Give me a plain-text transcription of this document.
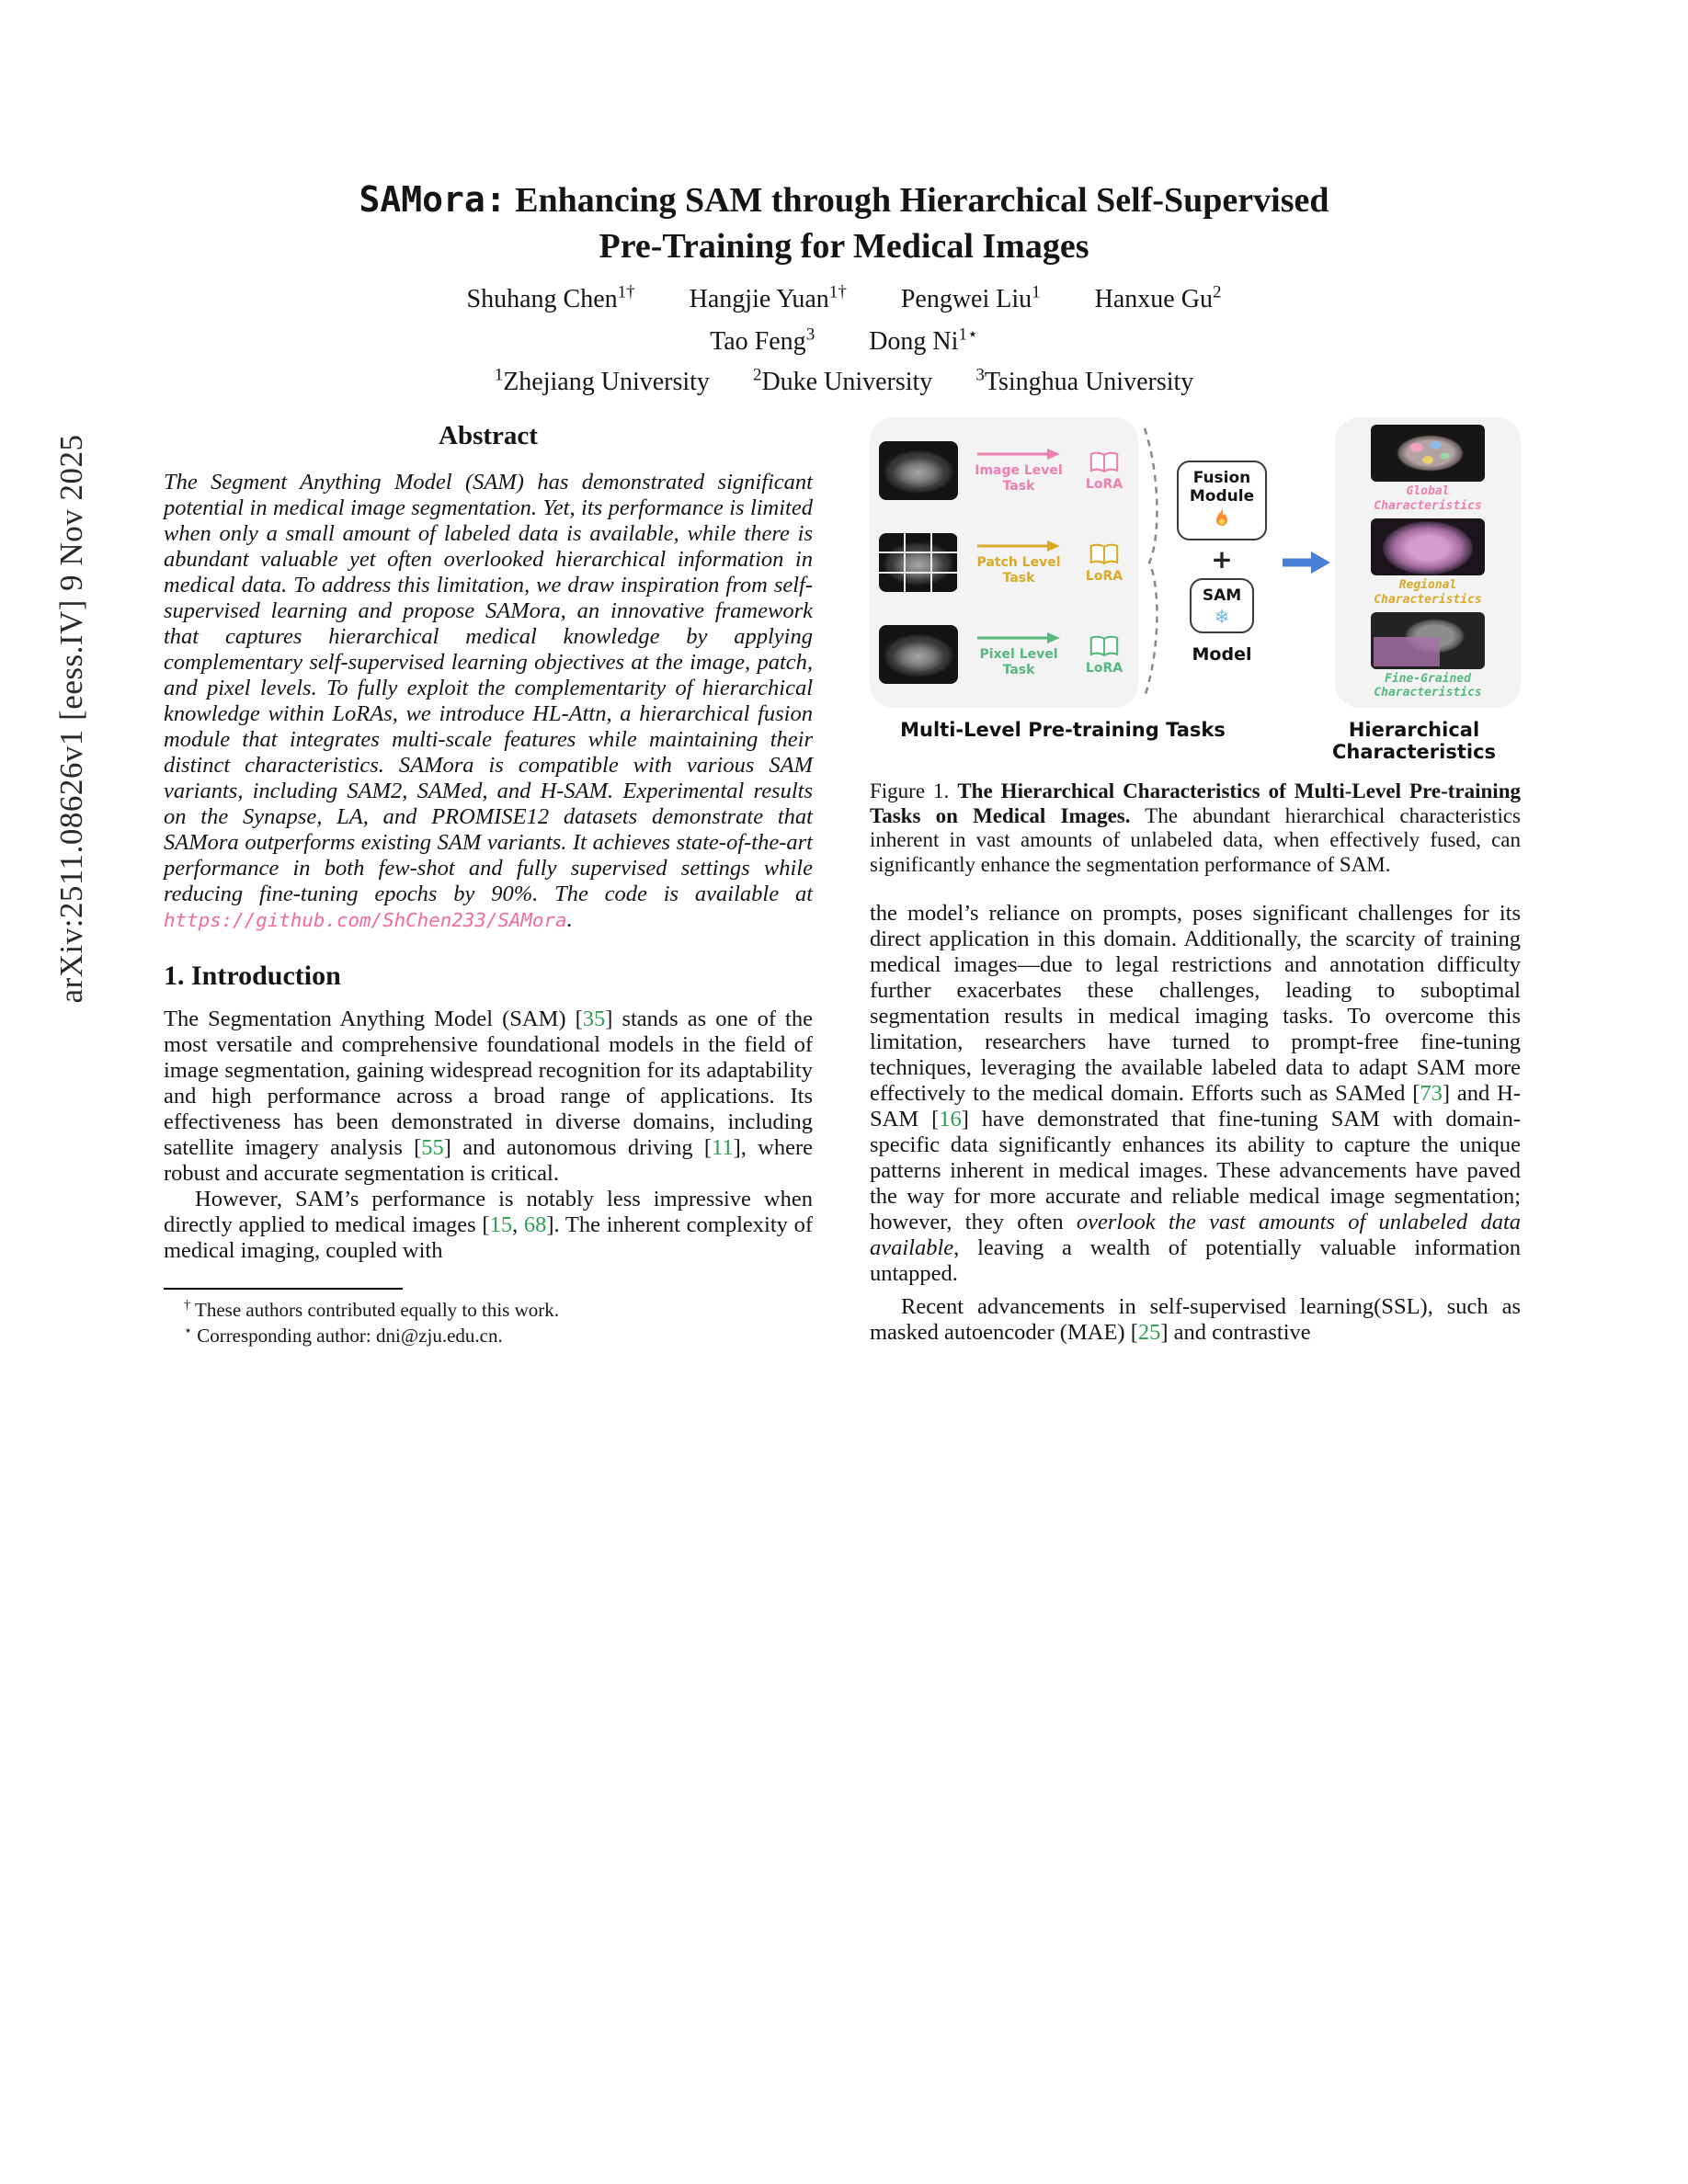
arXiv:2511.08626v1 [eess.IV] 9 Nov 2025
SAMora: Enhancing SAM through Hierarchical Self-Supervised
Pre-Training for Medical Images
Shuhang Chen$^{1\dagger}$ Hangjie Yuan$^{1\dagger}$ Pengwei Liu$^1$ Hanxue Gu$^2$
Tao Feng$^3$ Dong $Ni^{1⋆}$
$^1$Zhejiang University $^2$Duke University $^3$Tsinghua University
Abstract

The Segment Anything Model (SAM) has demonstrated significant potential in medical image segmentation. Yet, its performance is limited when only a small amount of labeled data is available, while there is abundant valuable yet often overlooked hierarchical information in medical data. To address this limitation, we draw inspiration from self-supervised learning and propose SAMora, an innovative framework that captures hierarchical medical knowledge by applying complementary self-supervised learning objectives at the image, patch, and pixel levels. To fully exploit the complementarity of hierarchical knowledge within LoRAs, we introduce HL-Attn, a hierarchical fusion module that integrates multi-scale features while maintaining their distinct characteristics. SAMora is compatible with various SAM variants, including SAM2, SAMed, and H-SAM. Experimental results on the Synapse, LA, and PROMISE12 datasets demonstrate that SAMora outperforms existing SAM variants. It achieves state-of-the-art performance in both few-shot and fully supervised settings while reducing fine-tuning epochs by 90%. The code is available at https://github.com/ShChen233/SAMora.

1. Introduction

The Segmentation Anything Model (SAM) [35] stands as one of the most versatile and comprehensive foundational models in the field of image segmentation, gaining widespread recognition for its adaptability and high performance across a broad range of applications. Its effectiveness has been demonstrated in diverse domains, including satellite imagery analysis [55] and autonomous driving [11], where robust and accurate segmentation is critical.

However, SAM’s performance is notably less impressive when directly applied to medical images [15, 68]. The inherent complexity of medical imaging, coupled with

† These authors contributed equally to this work.

⋆ Corresponding author: dni@zju.edu.cn.

Image Level
Task	LoRA
Patch Level
Task	LoRA
Pixel Level
Task	LoRA
Fusion
Module
+
SAM
❄
Model
Global
Characteristics
Regional
Characteristics
Fine-Grained
Characteristics
Multi-Level Pre-training Tasks	Hierarchical Characteristics

Figure 1. The Hierarchical Characteristics of Multi-Level Pre-training Tasks on Medical Images. The abundant hierarchical characteristics inherent in vast amounts of unlabeled data, when effectively fused, can significantly enhance the segmentation performance of SAM.

the model’s reliance on prompts, poses significant challenges for its direct application in this domain. Additionally, the scarcity of training medical images—due to legal restrictions and annotation difficulty further exacerbates these challenges, leading to suboptimal segmentation results in medical imaging tasks. To overcome this limitation, researchers have turned to prompt-free fine-tuning techniques, leveraging the available labeled data to adapt SAM more effectively to the medical domain. Efforts such as SAMed [73] and H-SAM [16] have demonstrated that fine-tuning SAM with domain-specific data significantly enhances its ability to capture the unique patterns inherent in medical images. These advancements have paved the way for more accurate and reliable medical image segmentation; however, they often overlook the vast amounts of unlabeled data available, leaving a wealth of potentially valuable information untapped.

Recent advancements in self-supervised learning(SSL), such as masked autoencoder (MAE) [25] and contrastive
